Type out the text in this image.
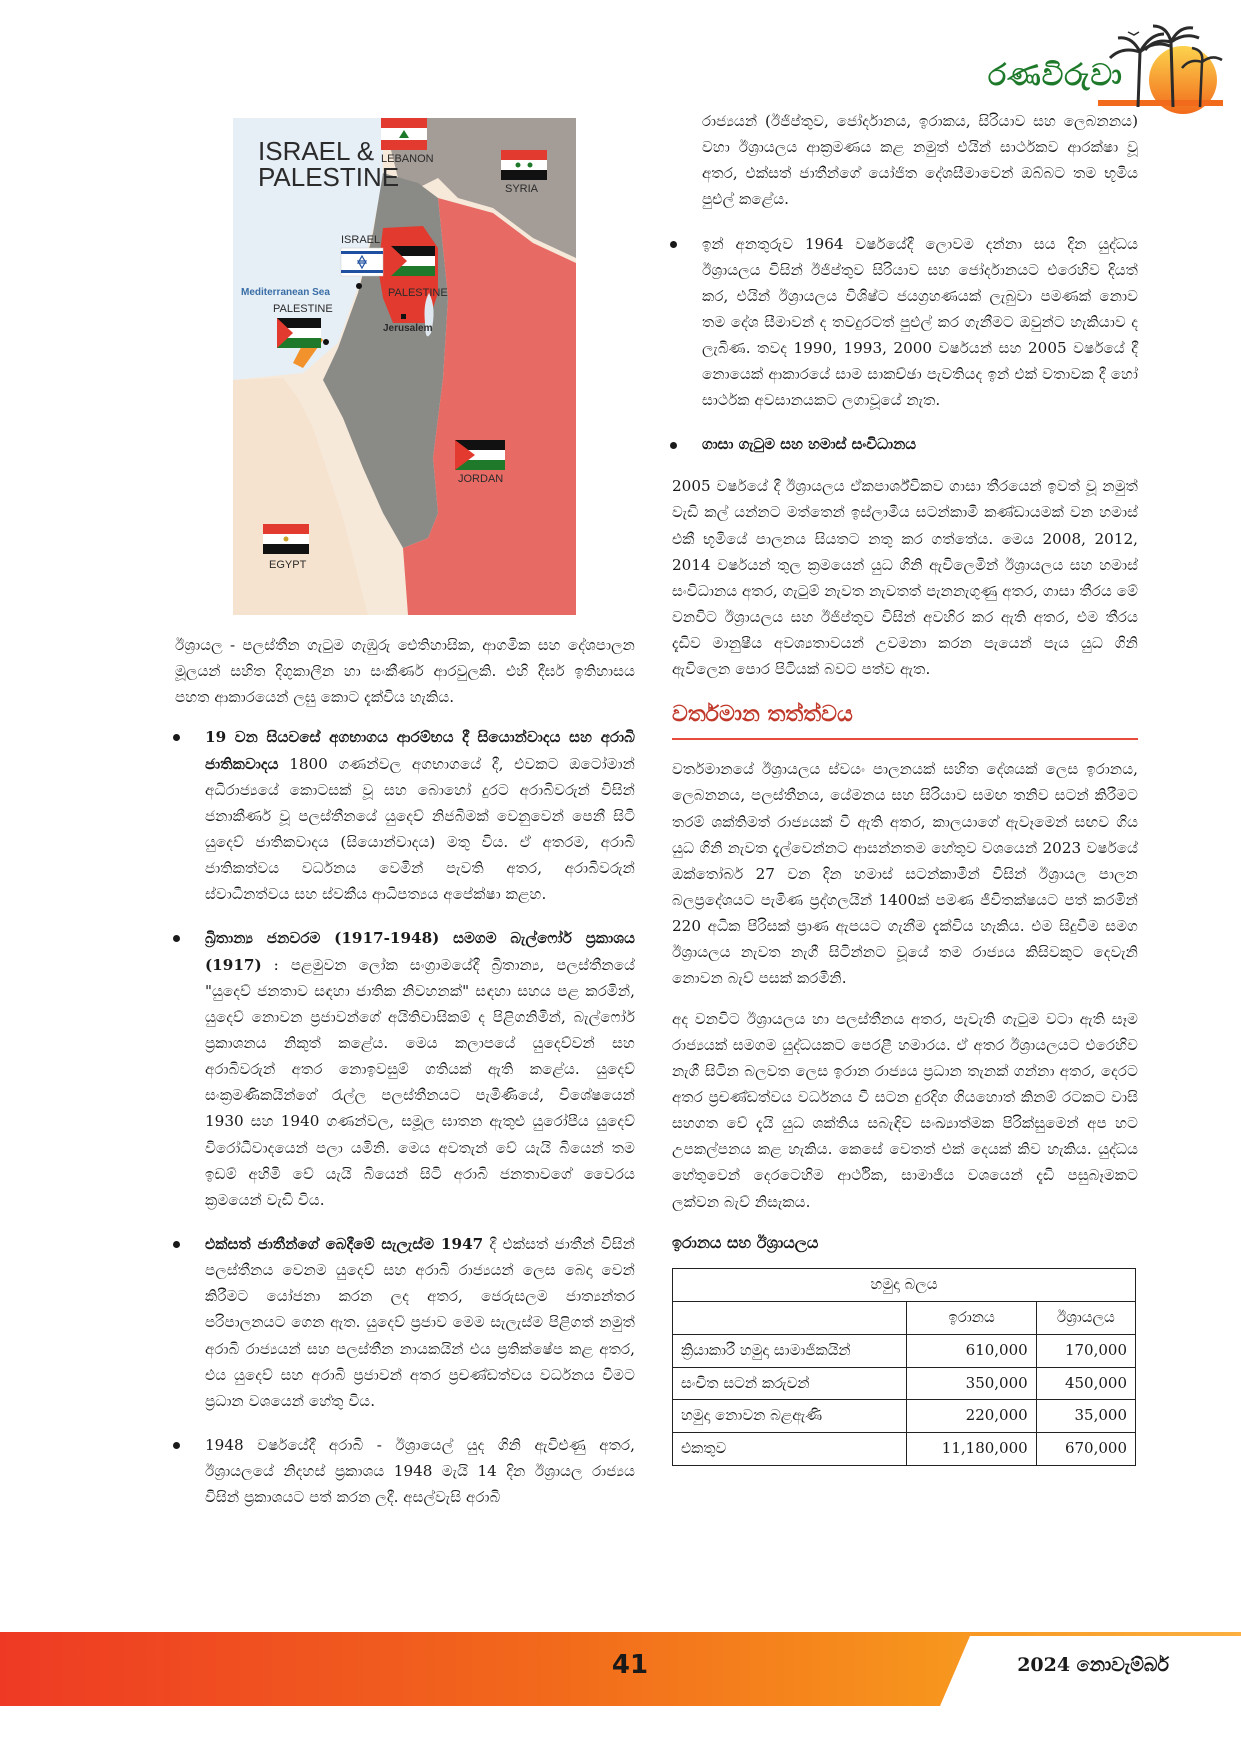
රණවිරුවා
ISRAEL &
PALESTINE
LEBANON
SYRIA
ISRAEL
Mediterranean Sea	PALESTINE
Jerusalem
PALESTINE
JORDAN
EGYPT

ඊශ්‍රායල - පලස්තීන ගැටුම ගැඹුරු ඓතිහාසික, ආගමික සහ දේශපාලන මූලයන් සහිත දිගුකාලීන හා සංකීර්ණ ආරවුලකි. එහි දීර්ඝ ඉතිහාසය පහත ආකාරයෙන් ලඝු කොට දැක්විය හැකිය.

19 වන සියවසේ අගභාගය ආරම්භය දී සියොන්වාදය සහ අරාබි ජාතිකවාදය 1800 ගණන්වල අගභාගයේ දී, එවකට ඔටෝමාන් අධිරාජ්‍යයේ කොටසක් වූ සහ බොහෝ දුරට අරාබිවරුන් විසින් ජනාකීර්ණ වූ පලස්තීනයේ යුදෙව් නිජබිමක් වෙනුවෙන් පෙනී සිටි යුදෙව් ජාතිකවාදය (සියොන්වාදය) මතු විය. ඒ අතරම, අරාබි ජාතිකත්වය වර්ධනය වෙමින් පැවති අතර, අරාබිවරුන් ස්වාධීනත්වය සහ ස්වකීය ආධිපත්‍යය අපේක්ෂා කළහ.
බ්‍රිතාන්‍ය ජනවරම (1917-1948) සමගම බැල්ෆෝර් ප්‍රකාශය (1917) : පළමුවන ලෝක සංග්‍රාමයේදී බ්‍රිතාන්‍ය, පලස්තීනයේ "යුදෙව් ජනතාව සඳහා ජාතික නිවහනක්" සඳහා සහය පළ කරමින්, යුදෙව් නොවන ප්‍රජාවන්ගේ අයිතිවාසිකම් ද පිළිගනිමින්, බැල්ෆෝර් ප්‍රකාශනය නිකුත් කළේය. මෙය කලාපයේ යුදෙව්වන් සහ අරාබිවරුන් අතර නොඉවසුම් ගතියක් ඇති කළේය. යුදෙව් සංක්‍රමණිකයින්ගේ රැල්ල පලස්තීනයට පැමිණියේ, විශේෂයෙන් 1930 සහ 1940 ගණන්වල, සමූල ඝාතන ඇතුළු යුරෝපීය යුදෙව් විරෝධීවාදයෙන් පලා යමිනි. මෙය අවතැන් වේ යැයි බියෙන් තම ඉඩම් අහිමි වේ යැයි බියෙන් සිටි අරාබි ජනතාවගේ වෛරය ක්‍රමයෙන් වැඩි විය.
එක්සත් ජාතීන්ගේ බෙදීමේ සැලැස්ම 1947 දී එක්සත් ජාතීන් විසින් පලස්තීනය වෙනම යුදෙව් සහ අරාබි රාජ්‍යයන් ලෙස බෙදා වෙන් කිරීමට යෝජනා කරන ලද අතර, ජෙරුසලම ජාත්‍යන්තර පරිපාලනයට ගෙන ඇත. යුදෙව් ප්‍රජාව මෙම සැලැස්ම පිළිගත් නමුත් අරාබි රාජ්‍යයන් සහ පලස්තීන නායකයින් එය ප්‍රතික්ෂේප කළ අතර, එය යුදෙව් සහ අරාබි ප්‍රජාවන් අතර ප්‍රචණ්ඩත්වය වර්ධනය වීමට ප්‍රධාන වශයෙන් හේතු විය.
1948 වර්ෂයේදී අරාබි - ඊශ්‍රායෙල් යුද ගිනි ඇවිළුණු අතර, ඊශ්‍රායලයේ නිදහස් ප්‍රකාශය 1948 මැයි 14 දින ඊශ්‍රායල රාජ්‍යය විසින් ප්‍රකාශයට පත් කරන ලදී. අසල්වැසි අරාබි
රාජ්‍යයන් (ඊජිප්තුව, ජෝර්දානය, ඉරාකය, සිරියාව සහ ලෙබනනය) වහා ඊශ්‍රායලය ආක්‍රමණය කළ නමුත් එයින් සාර්ථකව ආරක්ෂා වූ අතර, එක්සත් ජාතීන්ගේ යෝජිත දේශසීමාවෙන් ඔබ්බට තම භූමිය පුළුල් කළේය.
ඉන් අනතුරුව 1964 වර්ෂයේදී ලොවම දන්නා සය දින යුද්ධය ඊශ්‍රායලය විසින් ඊජිප්තුව සිරියාව සහ ජෝර්දානයට එරෙහිව දියත් කර, එයින් ඊශ්‍රායලය විශිෂ්ට ජයග්‍රහණයක් ලැබුවා පමණක් නොව තම දේශ සීමාවන් ද තවදුරටත් පුළුල් කර ගැනීමට ඔවුන්ට හැකියාව ද ලැබිණ. තවද 1990, 1993, 2000 වර්ෂයන් සහ 2005 වර්ෂයේ දී නොයෙක් ආකාරයේ සාම සාකච්ඡා පැවතියද ඉන් එක් වතාවක දී හෝ සාර්ථක අවසානයකට ලගාවූයේ නැත.
ගාසා ගැටුම සහ හමාස් සංවිධානය

2005 වර්ෂයේ දී ඊශ්‍රායලය ඒකපාර්ශ්විකව ගාසා තීරයෙන් ඉවත් වූ නමුත් වැඩි කල් යන්නට මත්තෙන් ඉස්ලාමීය සටන්කාමී කණ්ඩායමක් වන හමාස් එකී භූමියේ පාලනය සියතට නතු කර ගත්තේය. මෙය 2008, 2012, 2014 වර්ෂයන් තුල ක්‍රමයෙන් යුධ ගිනි ඇවිලෙමින් ඊශ්‍රායලය සහ හමාස් සංවිධානය අතර, ගැටුම් නැවත නැවතත් පැනනැගුණු අතර, ගාසා තීරය මේ වනවිට ඊශ්‍රායලය සහ ඊජිප්තුව විසින් අවහිර කර ඇති අතර, එම තීරය දැඩිව මානුෂීය අවශ්‍යතාවයන් උවමනා කරන පැයෙන් පැය යුධ ගිනි ඇවිලෙන පොර පිටියක් බවට පත්ව ඇත.

වර්තමාන තත්ත්වය

වර්තමානයේ ඊශ්‍රායලය ස්වයං පාලනයක් සහිත දේශයක් ලෙස ඉරානය, ලෙබනනය, පලස්තීනය, යේමනය සහ සිරියාව සමඟ තනිව සටන් කිරීමට තරම් ශක්තිමත් රාජ්‍යයක් වී ඇති අතර, කාලයාගේ ඇවෑමෙන් සඟව ගිය යුධ ගිනි නැවත දැල්වෙන්නට ආසන්නතම හේතුව වශයෙන් 2023 වර්ෂයේ ඔක්තෝබර් 27 වන දින හමාස් සටන්කාමීන් විසින් ඊශ්‍රායල පාලන බලප්‍රදේශයට පැමිණ ප්‍රද්ගලයින් 1400ක් පමණ ජීවිතක්ෂයට පත් කරමින් 220 අධික පිරිසක් ප්‍රාණ ඇපයට ගැනීම දැක්විය හැකිය. එම සිදුවීම සමග ඊශ්‍රායලය නැවත නැගී සිටින්නට වූයේ තම රාජ්‍යය කිසිවකුට දෙවැනි නොවන බැව් පසක් කරමිනි.

අද වනවිට ඊශ්‍රායලය හා පලස්තීනය අතර, පැවැති ගැටුම වටා ඇති සෑම රාජ්‍යයක් සමගම යුද්ධයකට පෙරළී හමාරය. ඒ අතර ඊශ්‍රායලයට එරෙහිව නැගී සිටින බලවත ලෙස ඉරාන රාජ්‍යය ප්‍රධාන තැනක් ගන්නා අතර, දෙරට අතර ප්‍රචණ්ඩත්වය වර්ධනය වී සටන දුරදිග ගියහොත් කිනම් රටකට වාසි සහගත වේ දැයි යුධ ශක්තිය සබැඳිව සංඛ්‍යාත්මක පිරික්සුමෙන් අප හට උපකල්පනය කළ හැකිය. කෙසේ වෙතත් එක් දෙයක් කිව හැකිය. යුද්ධය හේතුවෙන් දෙරටෙහිම ආර්ථික, සාමාජීය වශයෙන් දැඩි පසුබෑමකට ලක්වන බැව් නිසැකය.

ඉරානය සහ ඊශ්‍රායලය
හමුදා බලය		
	ඉරානය	ඊශ්‍රායලය
ක්‍රියාකාරී හමුදා සාමාජිකයින්	610,000	170,000
සංචිත සටන් කරුවන්	350,000	450,000
හමුදා නොවන බළඇණි	220,000	35,000
එකතුව	11,180,000	670,000
41	2024 නොවැම්බර්
